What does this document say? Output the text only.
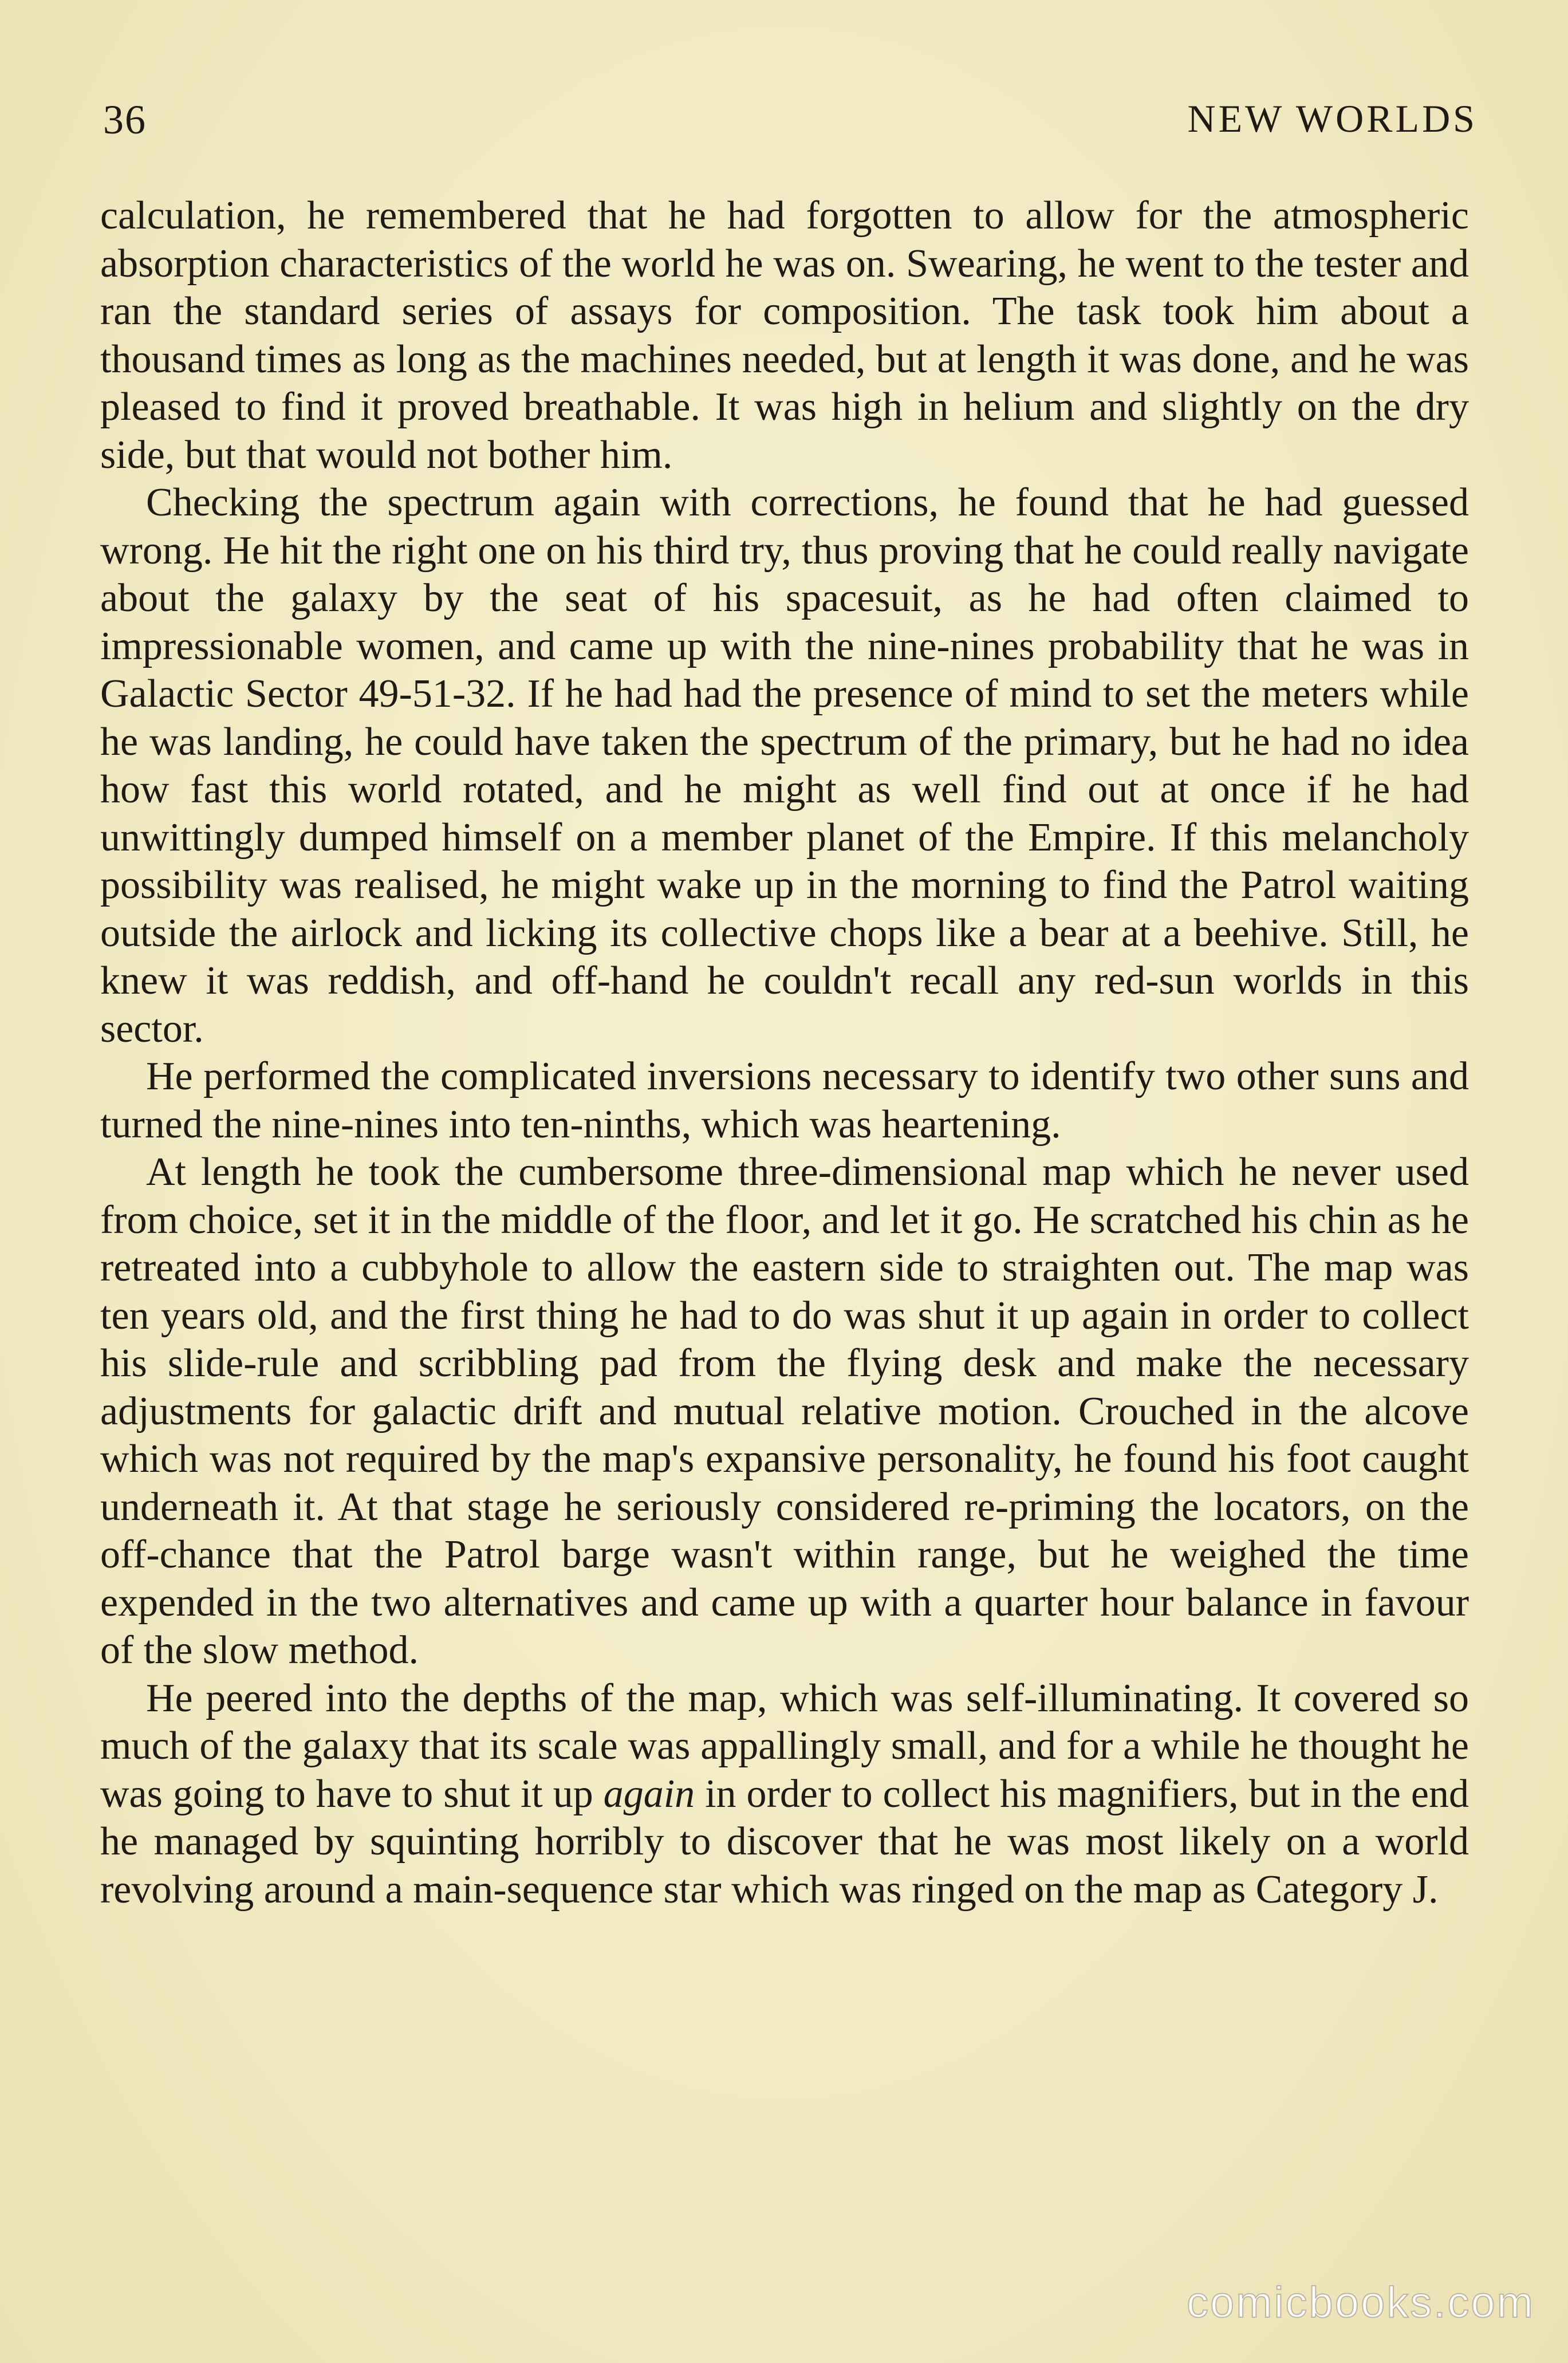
36	NEW WORLDS

calculation, he remembered that he had forgotten to allow for the atmospheric absorption characteristics of the world he was on. Swearing, he went to the tester and ran the standard series of assays for composition. The task took him about a thousand times as long as the machines needed, but at length it was done, and he was pleased to find it proved breathable. It was high in helium and slightly on the dry side, but that would not bother him.

Checking the spectrum again with corrections, he found that he had guessed wrong. He hit the right one on his third try, thus proving that he could really navigate about the galaxy by the seat of his spacesuit, as he had often claimed to impressionable women, and came up with the nine-nines probability that he was in Galactic Sector 49-51-32. If he had had the presence of mind to set the meters while he was landing, he could have taken the spectrum of the primary, but he had no idea how fast this world rotated, and he might as well find out at once if he had unwittingly dumped himself on a member planet of the Empire. If this melancholy possibility was realised, he might wake up in the morning to find the Patrol waiting outside the airlock and licking its collective chops like a bear at a beehive. Still, he knew it was reddish, and off-hand he couldn't recall any red-sun worlds in this sector.

He performed the complicated inversions necessary to identify two other suns and turned the nine-nines into ten-ninths, which was heartening.

At length he took the cumbersome three-dimensional map which he never used from choice, set it in the middle of the floor, and let it go. He scratched his chin as he retreated into a cubbyhole to allow the eastern side to straighten out. The map was ten years old, and the first thing he had to do was shut it up again in order to collect his slide-rule and scribbling pad from the flying desk and make the necessary adjustments for galactic drift and mutual relative motion. Crouched in the alcove which was not required by the map's expansive personality, he found his foot caught underneath it. At that stage he seriously considered re-priming the locators, on the off-chance that the Patrol barge wasn't within range, but he weighed the time expended in the two alternatives and came up with a quarter hour balance in favour of the slow method.

He peered into the depths of the map, which was self-illuminating. It covered so much of the galaxy that its scale was appallingly small, and for a while he thought he was going to have to shut it up again in order to collect his magnifiers, but in the end he managed by squinting horribly to discover that he was most likely on a world revolving around a main-sequence star which was ringed on the map as Category J.

comicbooks.com
